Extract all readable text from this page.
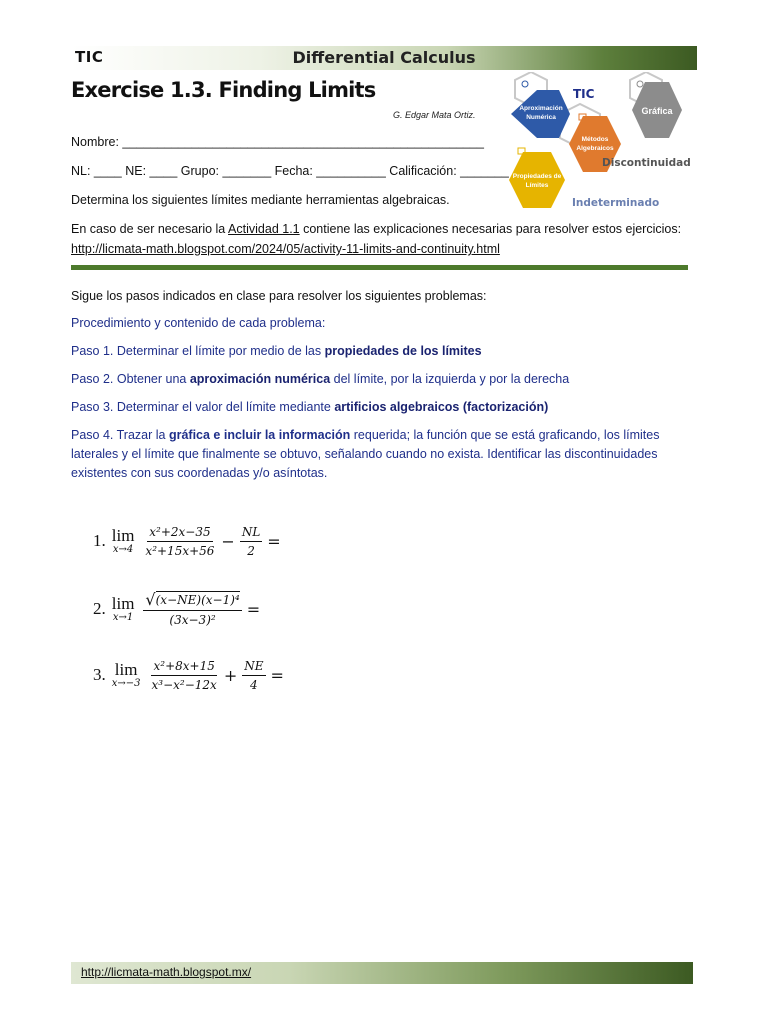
TIC	Differential Calculus
Exercise 1.3. Finding Limits
G. Edgar Mata Ortiz.
Aproximación
Numérica
Gráfica
Métodos
Algebraicos
Propiedades de
Límites
TIC
Discontinuidad
Indeterminado
Nombre: ____________________________________________________
NL: ____ NE: ____ Grupo: _______ Fecha: __________ Calificación: _______
Determina los siguientes límites mediante herramientas algebraicas.
En caso de ser necesario la Actividad 1.1 contiene las explicaciones necesarias para resolver estos ejercicios:
http://licmata-math.blogspot.com/2024/05/activity-11-limits-and-continuity.html
Sigue los pasos indicados en clase para resolver los siguientes problemas:
Procedimiento y contenido de cada problema:
Paso 1. Determinar el límite por medio de las propiedades de los límites
Paso 2. Obtener una aproximación numérica del límite, por la izquierda y por la derecha
Paso 3. Determinar el valor del límite mediante artificios algebraicos (factorización)
Paso 4. Trazar la gráfica e incluir la información requerida; la función que se está graficando, los límites laterales y el límite que finalmente se obtuvo, señalando cuando no exista. Identificar las discontinuidades existentes con sus coordenadas y/o asíntotas.
1. lim
$x\to 4 \frac{\text{x²+2x−35}}{\text{x²+15x+56}} - \frac{NL}{2}$ =
2. lim
$x\to 1 \frac{\text{√ (x−NE)(x−1)⁴}}{\text{(3x−3)²}}$ =
3. lim
$x\to-3 \frac{\text{x²+8x+15}}{\text{x³−x²−12x}} + \frac{NE}{4}$ =
http://licmata-math.blogspot.mx/
